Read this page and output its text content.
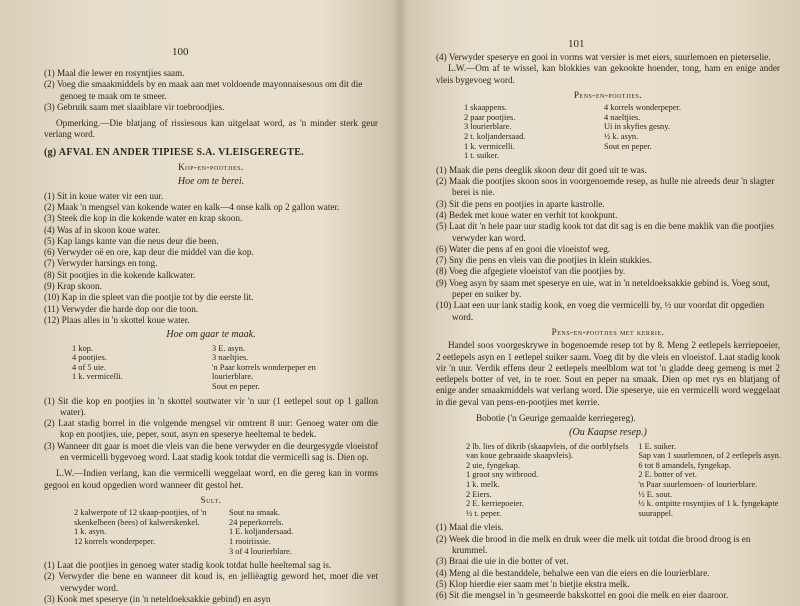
100

(1) Maal die lewer en rosyntjies saam.

(2) Voeg die smaakmiddels by en maak aan met voldoende mayonnaisesous om dit die genoeg te maak om te smeer.

(3) Gebruik saam met slaaiblare vir toebroodjies.

Opmerking.—Die blatjang of rissiesous kan uitgelaat word, as 'n minder sterk geur verlang word.

(g) AFVAL EN ANDER TIPIESE S.A. VLEISGEREGTE.

Kop-en-pootjies.

Hoe om te berei.

(1) Sit in koue water vir een uur.

(2) Maak 'n mengsel van kokende water en kalk—4 onse kalk op 2 gallon water.

(3) Steek die kop in die kokende water en krap skoon.

(4) Was af in skoon koue water.

(5) Kap langs kante van die neus deur die been.

(6) Verwyder oë en ore, kap deur die middel van die kop.

(7) Verwyder harsings en tong.

(8) Sit pootjies in die kokende kalkwater.

(9) Krap skoon.

(10) Kap in die spleet van die pootjie tot by die eerste lit.

(11) Verwyder die harde dop oor die toon.

(12) Plaas alles in 'n skottel koue water.

Hoe om gaar te maak.

1 kop.
4 pootjies.
4 of 5 uie.
1 k. vermicelli.
3 E. asyn.
3 naeltjies.
'n Paar korrels wonderpeper en lourierblare.
Sout en peper.

(1) Sit die kop en pootjies in 'n skottel soutwater vir 'n uur (1 eetlepel sout op 1 gallon water).

(2) Laat stadig borrel in die volgende mengsel vir omtrent 8 uur: Genoeg water om die kop en pootjies, uie, peper, sout, asyn en speserye heeltemal te bedek.

(3) Wanneer dit gaar is moet die vleis van die bene verwyder en die deurgesygde vloeistof en vermicelli bygevoeg word. Laat stadig kook totdat die vermicelli sag is. Dien op.

L.W.—Indien verlang, kan die vermicelli weggelaat word, en die gereg kan in vorms gegooi en koud opgedien word wanneer dit gestol het.

Sult.

2 kalwerpote of 12 skaap-pootjies, of 'n skenkelbeen (bees) of kalwerskenkel.
1 k. asyn.
12 korrels wonderpeper.
Sout na smaak.
24 peperkorrels.
1 E. koljandersaad.
1 rooiriissie.
3 of 4 lourierblare.

(1) Laat die pootjies in genoeg water stadig kook totdat hulle heeltemal sag is.

(2) Verwyder die bene en wanneer dit koud is, en jelliëagtig geword het, moet die vet verwyder word.

(3) Kook met speserye (in 'n neteldoeksakkie gebind) en asyn

101

(4) Verwyder speserye en gooi in vorms wat versier is met eiers, suurlemoen en pieterselie.

L.W.—Om af te wissel, kan blokkies van gekookte hoender, tong, ham en enige ander vleis bygevoeg word.

Pens-en-pootjies.

1 skaappens.
2 paar pootjies.
3 lourierblare.
2 t. koljandersaad.
1 k. vermicelli.
1 t. suiker.
4 korrels wonderpeper.
4 naeltjies.
Ui in skyfies gesny.
½ k. asyn.
Sout en peper.

(1) Maak die pens deeglik skoon deur dit goed uit te was.

(2) Maak die pootjies skoon soos in voorgenoemde resep, as hulle nie alreeds deur 'n slagter berei is nie.

(3) Sit die pens en pootjies in aparte kastrolle.

(4) Bedek met koue water en verhit tot kookpunt.

(5) Laat dit 'n hele paar uur stadig kook tot dat dit sag is en die bene maklik van die pootjies verwyder kan word.

(6) Water die pens af en gooi die vloeistof weg.

(7) Sny die pens en vleis van die pootjies in klein stukkies.

(8) Voeg die afgegiete vloeistof van die pootjies by.

(9) Voeg asyn by saam met speserye en uie, wat in 'n neteldoeksakkie gebind is. Voeg sout, peper en suiker by.

(10) Laat een uur lank stadig kook, en voeg die vermicelli by, ½ uur voordat dit opgedien word.

Pens-en-pootjies met kerrie.

Handel soos voorgeskrywe in bogenoemde resep tot by 8. Meng 2 eetlepels kerriepoeier, 2 eetlepels asyn en 1 eetlepel suiker saam. Voeg dit by die vleis en vloeistof. Laat stadig kook vir 'n uur. Verdik effens deur 2 eetlepels meelblom wat tot 'n gladde deeg gemeng is met 2 eetlepels botter of vet, in te roer. Sout en peper na smaak. Dien op met rys en blatjang of enige ander smaakmiddels wat verlang word. Die speserye, uie en vermicelli word weggelaat in die geval van pens-en-pootjies met kerrie.

Bobotie ('n Geurige gemaalde kerriegereg).

(Ou Kaapse resep.)

2 lb. lies of dikrib (skaapvleis, of die oorblyfsels van koue gebraaide skaapvleis).
2 uie, fyngekap.
1 groot sny witbrood.
1 k. melk.
2 Eiers.
2 E. kerriepoeier.
½ t. peper.
1 E. suiker.
Sap van 1 suurlemoen, of 2 eetlepels asyn.
6 tot 8 amandels, fyngekap.
2 E. botter of vet.
'n Paar suurlemoen- of lourierblare.
½ E. sout.
½ k. ontpitte rosyntjies of 1 k. fyngekapte suurappel.

(1) Maal die vleis.

(2) Week die brood in die melk en druk weer die melk uit totdat die brood droog is en krummel.

(3) Braai die uie in die botter of vet.

(4) Meng al die bestanddele, behalwe een van die eiers en die lourierblare.

(5) Klop hierdie eier saam met 'n bietjie ekstra melk.

(6) Sit die mengsel in 'n gesmeerde bakskottel en gooi die melk en eier daaroor.
